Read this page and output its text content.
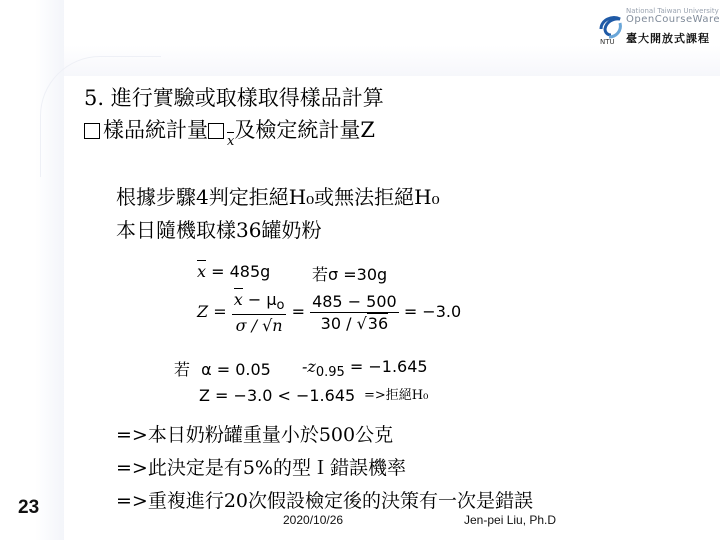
NTU
National Taiwan University
OpenCourseWare
臺大開放式課程
5. 進行實驗或取樣取得樣品計算
樣品統計量 x及檢定統計量Z
根據步驟4判定拒絕H₀或無法拒絕H₀
本日隨機取樣36罐奶粉
x = 485g	若σ =30g
$Z = \frac{x - \mu_o}{\sigma / √n} = \frac{485 - 500}{30 / √36} = -3.0$
若 α = 0.05 $-z_{0.95} = -1.645$
Z = −3.0 < −1.645 =>拒絕H₀
=>本日奶粉罐重量小於500公克
=>此決定是有5%的型Ｉ錯誤機率
=>重複進行20次假設檢定後的決策有一次是錯誤
23
2020/10/26	Jen-pei Liu, Ph.D
